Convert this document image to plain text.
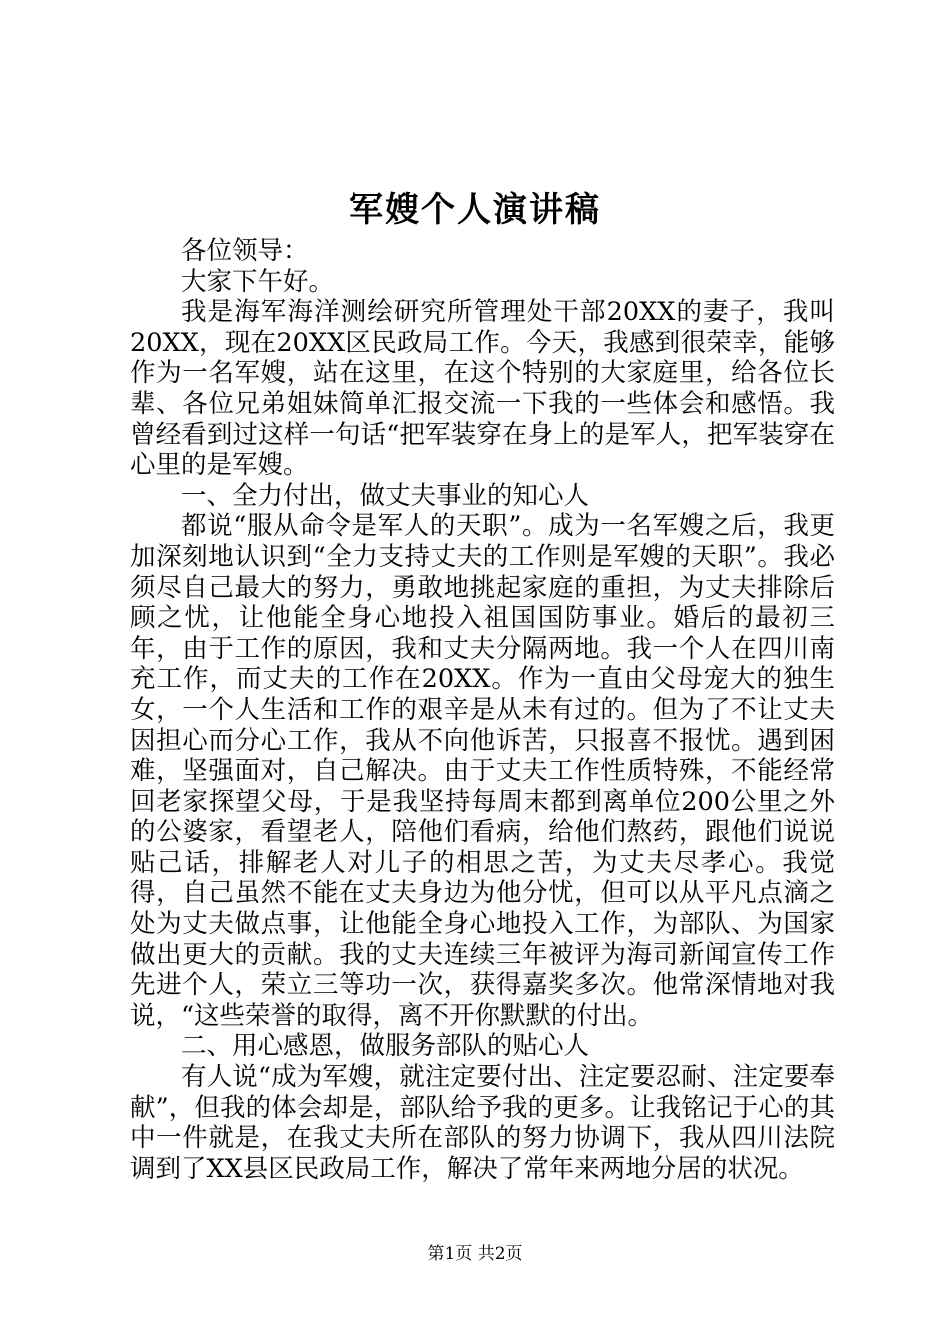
军嫂个人演讲稿

各位领导：

大家下午好。

我是海军海洋测绘研究所管理处干部20XX的妻子，我叫20XX，现在20XX区民政局工作。今天，我感到很荣幸，能够作为一名军嫂，站在这里，在这个特别的大家庭里，给各位长辈、各位兄弟姐妹简单汇报交流一下我的一些体会和感悟。我曾经看到过这样一句话“把军装穿在身上的是军人，把军装穿在心里的是军嫂。

一、全力付出，做丈夫事业的知心人

都说“服从命令是军人的天职”。成为一名军嫂之后，我更加深刻地认识到“全力支持丈夫的工作则是军嫂的天职”。我必须尽自己最大的努力，勇敢地挑起家庭的重担，为丈夫排除后顾之忧，让他能全身心地投入祖国国防事业。婚后的最初三年，由于工作的原因，我和丈夫分隔两地。我一个人在四川南充工作，而丈夫的工作在20XX。作为一直由父母宠大的独生女，一个人生活和工作的艰辛是从未有过的。但为了不让丈夫因担心而分心工作，我从不向他诉苦，只报喜不报忧。遇到困难，坚强面对，自己解决。由于丈夫工作性质特殊，不能经常回老家探望父母，于是我坚持每周末都到离单位200公里之外的公婆家，看望老人，陪他们看病，给他们熬药，跟他们说说贴己话，排解老人对儿子的相思之苦，为丈夫尽孝心。我觉得，自己虽然不能在丈夫身边为他分忧，但可以从平凡点滴之处为丈夫做点事，让他能全身心地投入工作，为部队、为国家做出更大的贡献。我的丈夫连续三年被评为海司新闻宣传工作先进个人，荣立三等功一次，获得嘉奖多次。他常深情地对我说，“这些荣誉的取得，离不开你默默的付出。

二、用心感恩，做服务部队的贴心人

有人说“成为军嫂，就注定要付出、注定要忍耐、注定要奉献”，但我的体会却是，部队给予我的更多。让我铭记于心的其中一件就是，在我丈夫所在部队的努力协调下，我从四川法院调到了XX县区民政局工作，解决了常年来两地分居的状况。

第1页 共2页
